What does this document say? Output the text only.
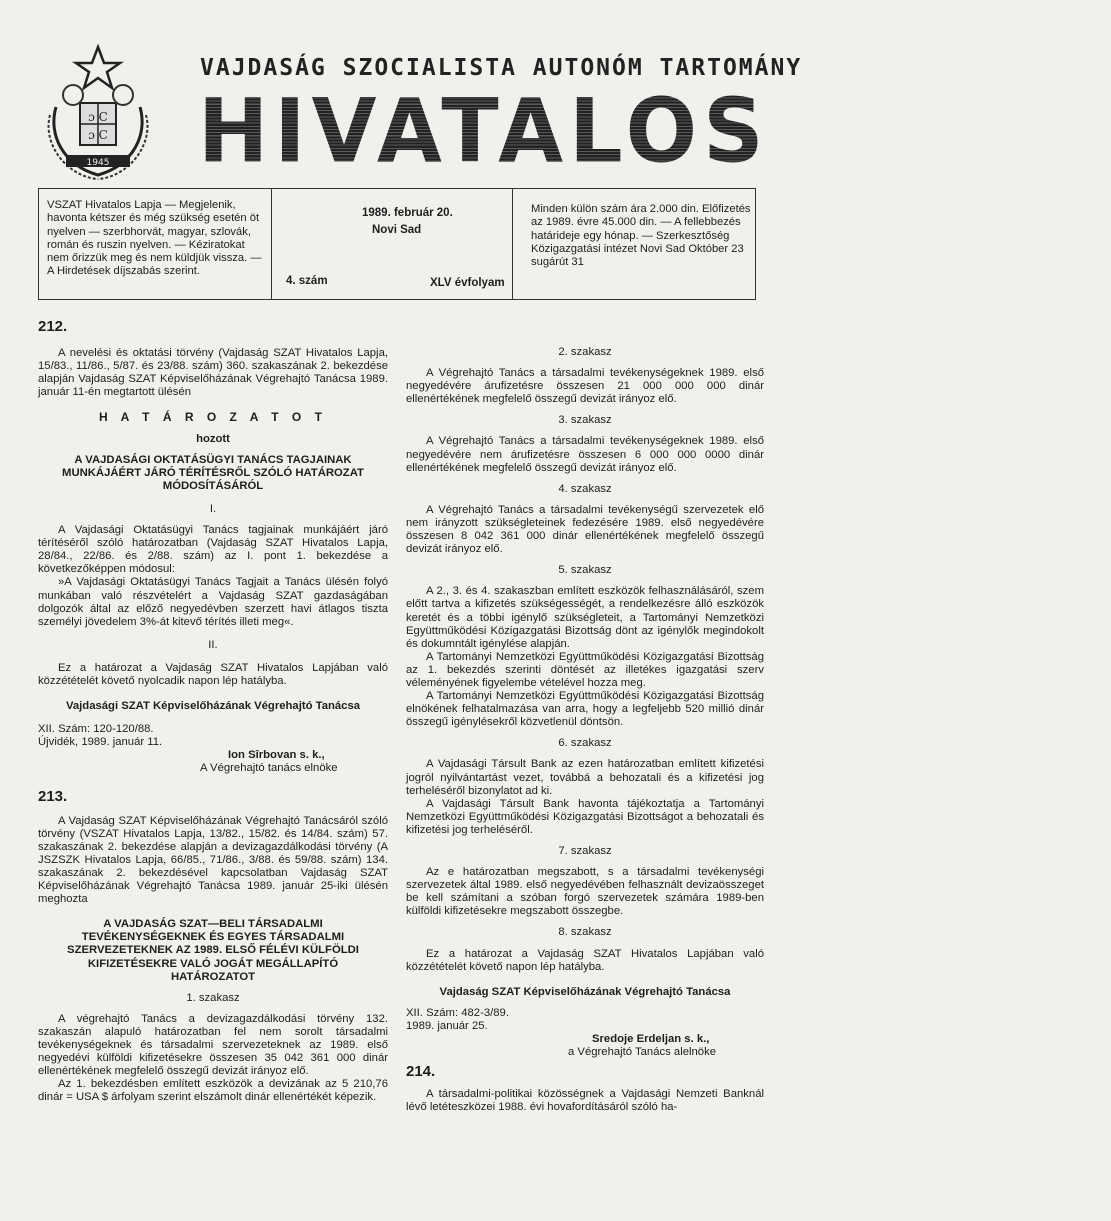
ɔ C
ɔ C
1945
VAJDASÁG SZOCIALISTA AUTONÓM TARTOMÁNY
HIVATALOS LAPJA
VSZAT Hivatalos Lapja — Megjelenik, havonta kétszer és még szükség esetén öt nyelven — szerbhorvát, magyar, szlovák, román és ruszin nyelven. — Kéziratokat nem őrizzük meg és nem küldjük vissza. — A Hirdetések díjszabás szerint.
1989. február 20.
Novi Sad
4. szám	XLV évfolyam
Minden külön szám ára 2.000 din. Előfizetés az 1989. évre 45.000 din. — A fellebbezés határideje egy hónap. — Szerkesztőség Közigazgatási intézet Novi Sad Október 23 sugárút 31

212.

A nevelési és oktatási törvény (Vajdaság SZAT Hivatalos Lapja, 15/83., 11/86., 5/87. és 23/88. szám) 360. szakaszának 2. bekezdése alapján Vajdaság SZAT Képviselőházának Végrehajtó Tanácsa 1989. január 11-én megtartott ülésén

H A T Á R O Z A T O T

hozott

A VAJDASÁGI OKTATÁSÜGYI TANÁCS TAGJAINAK MUNKÁJÁÉRT JÁRÓ TÉRÍTÉSRŐL SZÓLÓ HATÁROZAT MÓDOSÍTÁSÁRÓL

I.

A Vajdasági Oktatásügyi Tanács tagjainak munkájáért járó térítéséről szóló határozatban (Vajdaság SZAT Hivatalos Lapja, 28/84., 22/86. és 2/88. szám) az I. pont 1. bekezdése a következőképpen módosul:

»A Vajdasági Oktatásügyi Tanács Tagjait a Tanács ülésén folyó munkában való részvételért a Vajdaság SZAT gazdaságában dolgozók által az előző negyedévben szerzett havi átlagos tiszta személyi jövedelem 3%-át kitevő térítés illeti meg«.

II.

Ez a határozat a Vajdaság SZAT Hivatalos Lapjában való közzétételét követő nyolcadik napon lép hatályba.

Vajdasági SZAT Képviselőházának Végrehajtó Tanácsa

XII. Szám: 120-120/88.

Újvidék, 1989. január 11.

Ion Sîrbovan s. k.,

A Végrehajtó tanács elnöke

213.

A Vajdaság SZAT Képviselőházának Végrehajtó Tanácsáról szóló törvény (VSZAT Hivatalos Lapja, 13/82., 15/82. és 14/84. szám) 57. szakaszának 2. bekezdése alapján a devizagazdálkodási törvény (A JSZSZK Hivatalos Lapja, 66/85., 71/86., 3/88. és 59/88. szám) 134. szakaszának 2. bekezdésével kapcsolatban Vajdaság SZAT Képviselőházának Végrehajtó Tanácsa 1989. január 25-iki ülésén meghozta

A VAJDASÁG SZAT—BELI TÁRSADALMI TEVÉKENYSÉGEKNEK ÉS EGYES TÁRSADALMI SZERVEZETEKNEK AZ 1989. ELSŐ FÉLÉVI KÜLFÖLDI KIFIZETÉSEKRE VALÓ JOGÁT MEGÁLLAPÍTÓ HATÁROZATOT

1. szakasz

A végrehajtó Tanács a devizagazdálkodási törvény 132. szakaszán alapuló határozatban fel nem sorolt társadalmi tevékenységeknek és társadalmi szervezeteknek az 1989. első negyedévi külföldi kifizetésekre összesen 35 042 361 000 dinár ellenértékének megfelelő összegű devizát irányoz elő.

Az 1. bekezdésben említett eszközök a devizának az 5 210,76 dinár = USA $ árfolyam szerint elszámolt dinár ellenértékét képezik.

2. szakasz

A Végrehajtó Tanács a társadalmi tevékenységeknek 1989. első negyedévére árufizetésre összesen 21 000 000 000 dinár ellenértékének megfelelő összegű devizát irányoz elő.

3. szakasz

A Végrehajtó Tanács a társadalmi tevékenységeknek 1989. első negyedévére nem árufizetésre összesen 6 000 000 0000 dinár ellenértékének megfelelő összegű devizát irányoz elő.

4. szakasz

A Végrehajtó Tanács a társadalmi tevékenységű szervezetek elő nem irányzott szükségleteinek fedezésére 1989. első negyedévére összesen 8 042 361 000 dinár ellenértékének megfelelő összegű devizát irányoz elő.

5. szakasz

A 2., 3. és 4. szakaszban említett eszközök felhasználásáról, szem előtt tartva a kifizetés szükségességét, a rendelkezésre álló eszközök keretét és a többi igénylő szükségleteit, a Tartományi Nemzetközi Együttműködési Közigazgatási Bizottság dönt az igénylők megindokolt és dokumntált igénylése alapján.

A Tartományi Nemzetközi Együttműködési Közigazgatási Bizottság az 1. bekezdés szerinti döntését az illetékes igazgatási szerv véleményének figyelembe vételével hozza meg.

A Tartományi Nemzetközi Együttműködési Közigazgatási Bizottság elnökének felhatalmazása van arra, hogy a legfeljebb 520 millió dinár összegű igénylésekről közvetlenül döntsön.

6. szakasz

A Vajdasági Társult Bank az ezen határozatban említett kifizetési jogról nyilvántartást vezet, továbbá a behozatali és a kifizetési jog terheléséről bizonylatot ad ki.

A Vajdasági Társult Bank havonta tájékoztatja a Tartományi Nemzetközi Együttműködési Közigazgatási Bizottságot a behozatali és kifizetési jog terheléséről.

7. szakasz

Az e határozatban megszabott, s a társadalmi tevékenységi szervezetek által 1989. első negyedévében felhasznált devizaösszeget be kell számítani a szóban forgó szervezetek számára 1989-ben külföldi kifizetésekre megszabott összegbe.

8. szakasz

Ez a határozat a Vajdaság SZAT Hivatalos Lapjában való közzétételét követő napon lép hatályba.

Vajdaság SZAT Képviselőházának Végrehajtó Tanácsa

XII. Szám: 482-3/89.

1989. január 25.

Sredoje Erdeljan s. k.,

a Végrehajtó Tanács alelnöke

214.

A társadalmi-politikai közösségnek a Vajdasági Nemzeti Banknál lévő letéteszközei 1988. évi hovafordításáról szóló ha-
